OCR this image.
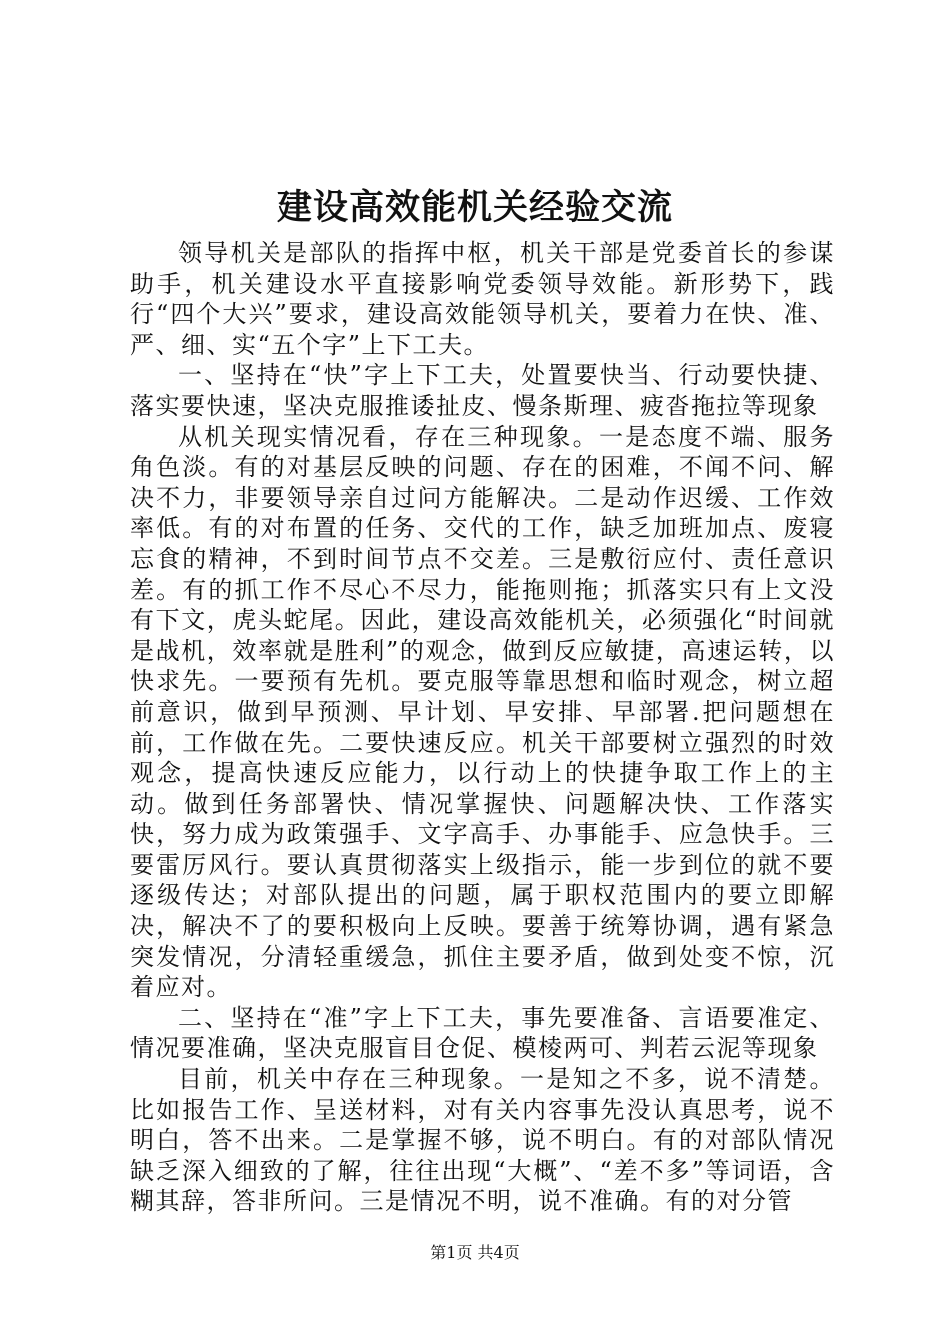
建设高效能机关经验交流

领导机关是部队的指挥中枢，机关干部是党委首长的参谋助手，机关建设水平直接影响党委领导效能。新形势下，践行“四个大兴”要求，建设高效能领导机关，要着力在快、准、严、细、实“五个字”上下工夫。

一、坚持在“快”字上下工夫，处置要快当、行动要快捷、落实要快速，坚决克服推诿扯皮、慢条斯理、疲沓拖拉等现象

从机关现实情况看，存在三种现象。一是态度不端、服务角色淡。有的对基层反映的问题、存在的困难，不闻不问、解决不力，非要领导亲自过问方能解决。二是动作迟缓、工作效率低。有的对布置的任务、交代的工作，缺乏加班加点、废寝忘食的精神，不到时间节点不交差。三是敷衍应付、责任意识差。有的抓工作不尽心不尽力，能拖则拖；抓落实只有上文没有下文，虎头蛇尾。因此，建设高效能机关，必须强化“时间就是战机，效率就是胜利”的观念，做到反应敏捷，高速运转，以快求先。一要预有先机。要克服等靠思想和临时观念，树立超前意识，做到早预测、早计划、早安排、早部署.把问题想在前，工作做在先。二要快速反应。机关干部要树立强烈的时效观念，提高快速反应能力，以行动上的快捷争取工作上的主动。做到任务部署快、情况掌握快、问题解决快、工作落实快，努力成为政策强手、文字高手、办事能手、应急快手。三要雷厉风行。要认真贯彻落实上级指示，能一步到位的就不要逐级传达；对部队提出的问题，属于职权范围内的要立即解决，解决不了的要积极向上反映。要善于统筹协调，遇有紧急突发情况，分清轻重缓急，抓住主要矛盾，做到处变不惊，沉着应对。

二、坚持在“准”字上下工夫，事先要准备、言语要准定、情况要准确，坚决克服盲目仓促、模棱两可、判若云泥等现象

目前，机关中存在三种现象。一是知之不多，说不清楚。比如报告工作、呈送材料，对有关内容事先没认真思考，说不明白，答不出来。二是掌握不够，说不明白。有的对部队情况缺乏深入细致的了解，往往出现“大概”、“差不多”等词语，含糊其辞，答非所问。三是情况不明，说不准确。有的对分管

第1页 共4页
